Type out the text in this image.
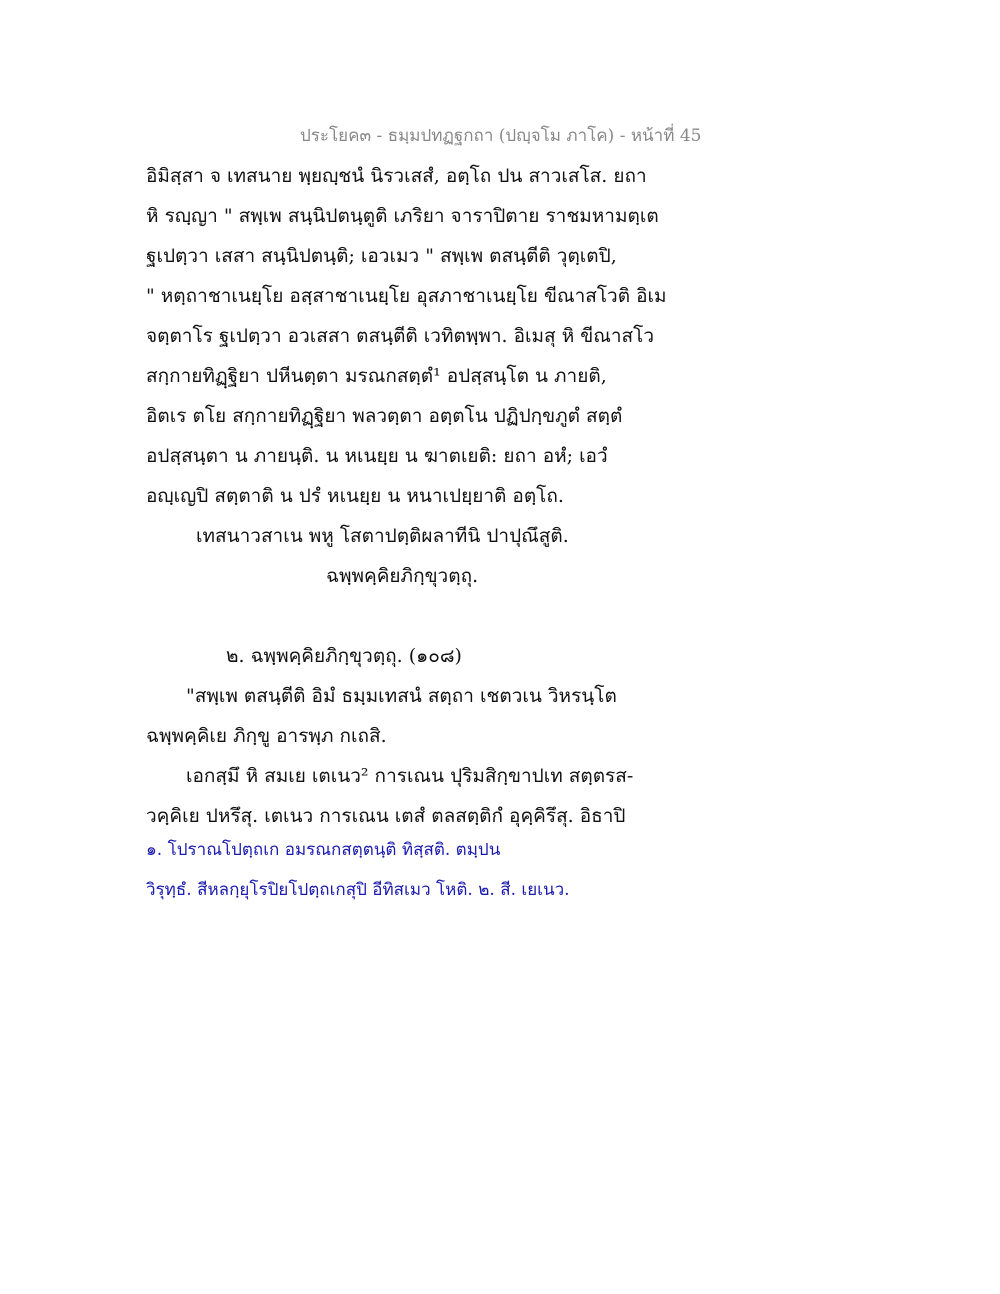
ประโยค๓ - ธมฺมปทฏฐกถา (ปญฺจโม ภาโค) - หน้าที่ 45
อิมิสฺสา จ เทสนาย พฺยญฺชนํ นิรวเสสํ, อตฺโถ ปน สาวเสโส. ยถา
หิ รญฺญา " สพฺเพ สนฺนิปตนฺตูติ เภริยา จาราปิตาย ราชมหามตฺเต
ฐเปตฺวา เสสา สนฺนิปตนฺติ; เอวเมว " สพฺเพ ตสนฺตีติ วุตฺเตปิ,
" หตฺถาชาเนยฺโย อสฺสาชาเนยฺโย อุสภาชาเนยฺโย ขีณาสโวติ อิเม
จตฺตาโร ฐเปตฺวา อวเสสา ตสนฺตีติ เวทิตพฺพา. อิเมสุ หิ ขีณาสโว
สกฺกายทิฏฺฐิยา ปหีนตฺตา มรณกสตฺตํ¹ อปสฺสนฺโต น ภายติ,
อิตเร ตโย สกฺกายทิฏฺฐิยา พลวตฺตา อตฺตโน ปฏิปกฺขภูตํ สตฺตํ
อปสฺสนฺตา น ภายนฺติ. น หเนยฺย น ฆาตเยติ: ยถา อหํ; เอวํ
อญฺเญปิ สตฺตาติ น ปรํ หเนยฺย น หนาเปยฺยาติ อตฺโถ.
เทสนาวสาเน พหู โสตาปตฺติผลาทีนิ ปาปุณึสูติ.
ฉพฺพคฺคิยภิกฺขุวตฺถุ.
๒. ฉพฺพคฺคิยภิกฺขุวตฺถุ. (๑๐๘)
"สพฺเพ ตสนฺตีติ อิมํ ธมฺมเทสนํ สตฺถา เชตวเน วิหรนฺโต
ฉพฺพคฺคิเย ภิกฺขู อารพฺภ กเถสิ.
เอกสฺมึ หิ สมเย เตเนว² การเณน ปุริมสิกฺขาปเท สตฺตรส-
วคฺคิเย ปหรึสุ. เตเนว การเณน เตสํ ตลสตฺติกํ อุคฺคิรึสุ. อิธาปิ
๑. โปราณโปตฺถเก อมรณกสตฺตนฺติ ทิสฺสติ. ตมฺปน
วิรุทฺธํ. สีหลกฺยุโรปิยโปตฺถเกสุปิ อีทิสเมว โหติ. ๒. สี. เยเนว.
